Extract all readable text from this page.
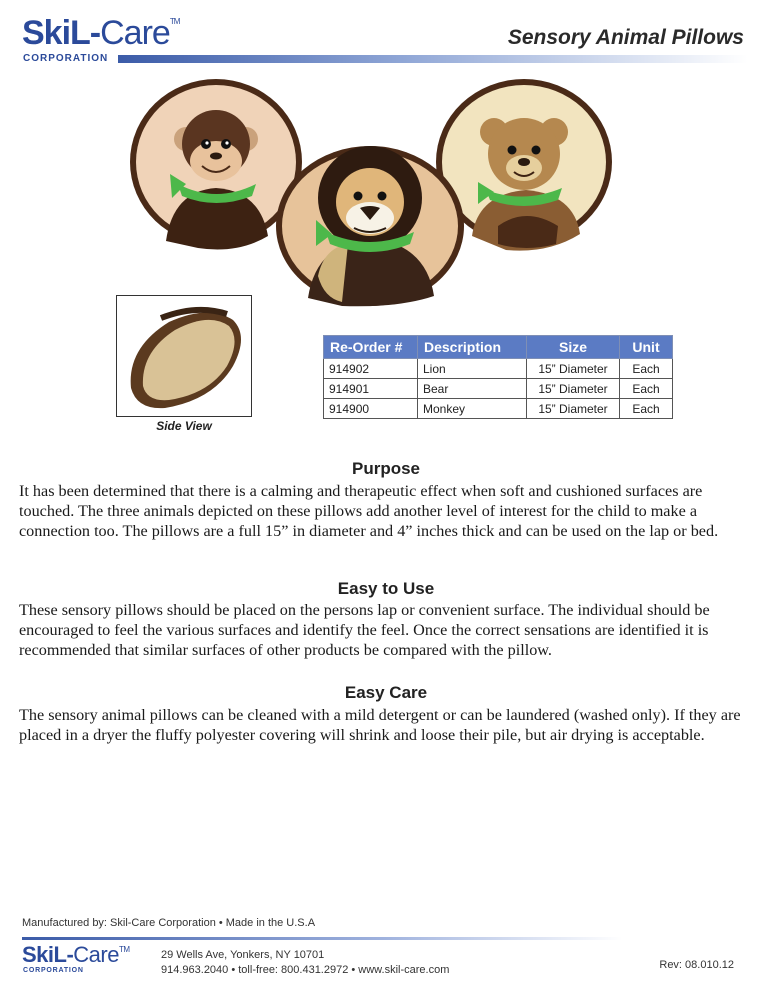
SkiL-Care™
CORPORATION
Sensory Animal Pillows
Side View
Re-Order #	Description	Size	Unit
914902	Lion	15” Diameter	Each
914901	Bear	15” Diameter	Each
914900	Monkey	15” Diameter	Each
Purpose
It has been determined that there is a calming and therapeutic effect when soft and cushioned surfaces are touched. The three animals depicted on these pillows add another level of interest for the child to make a connection too. The pillows are a full 15” in diameter and 4” inches thick and can be used on the lap or bed.
Easy to Use
These sensory pillows should be placed on the persons lap or convenient surface. The individual should be encouraged to feel the various surfaces and identify the feel. Once the correct sensations are identified it is recommended that similar surfaces of other products be compared with the pillow.
Easy Care
The sensory animal pillows can be cleaned with a mild detergent or can be laundered (washed only). If they are placed in a dryer the fluffy polyester covering will shrink and loose their pile, but air drying is acceptable.
Manufactured by: Skil-Care Corporation • Made in the U.S.A
SkiL-Care™
CORPORATION
29 Wells Ave, Yonkers, NY 10701
914.963.2040 • toll-free: 800.431.2972 • www.skil-care.com	Rev: 08.010.12
